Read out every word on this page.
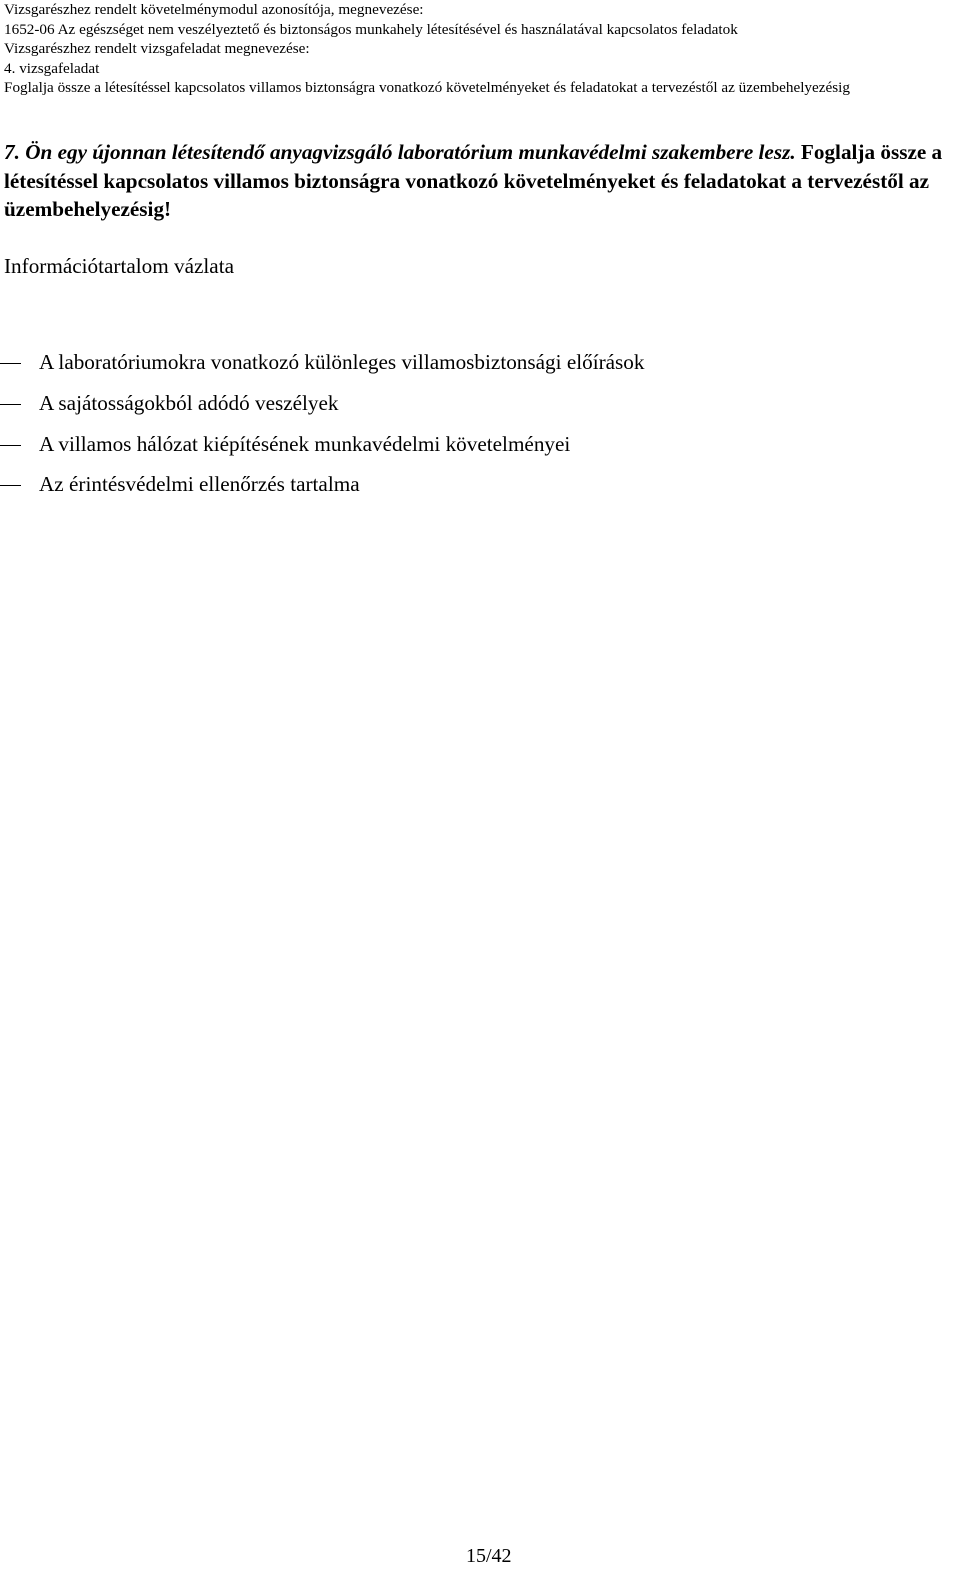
Vizsgarészhez rendelt követelménymodul azonosítója, megnevezése:
1652-06 Az egészséget nem veszélyeztető és biztonságos munkahely létesítésével és használatával kapcsolatos feladatok
Vizsgarészhez rendelt vizsgafeladat megnevezése:
4. vizsgafeladat
Foglalja össze a létesítéssel kapcsolatos villamos biztonságra vonatkozó követelményeket és feladatokat a tervezéstől az üzembehelyezésig
7. Ön egy újonnan létesítendő anyagvizsgáló laboratórium munkavédelmi szakembere lesz. Foglalja össze a létesítéssel kapcsolatos villamos biztonságra vonatkozó követelményeket és feladatokat a tervezéstől az üzembehelyezésig!
Információtartalom vázlata
A laboratóriumokra vonatkozó különleges villamosbiztonsági előírások
A sajátosságokból adódó veszélyek
A villamos hálózat kiépítésének munkavédelmi követelményei
Az érintésvédelmi ellenőrzés tartalma
15/42
